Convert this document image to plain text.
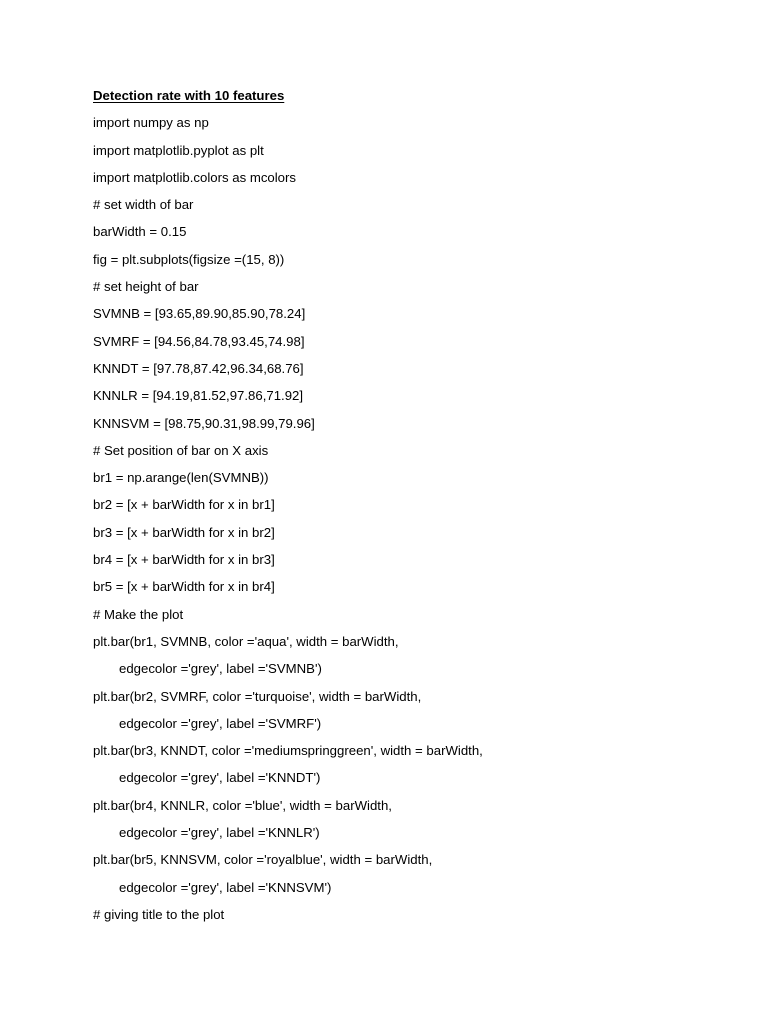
Detection rate with 10 features
import numpy as np
import matplotlib.pyplot as plt
import matplotlib.colors as mcolors
# set width of bar
barWidth = 0.15
fig = plt.subplots(figsize =(15, 8))
# set height of bar
SVMNB = [93.65,89.90,85.90,78.24]
SVMRF = [94.56,84.78,93.45,74.98]
KNNDT = [97.78,87.42,96.34,68.76]
KNNLR = [94.19,81.52,97.86,71.92]
KNNSVM = [98.75,90.31,98.99,79.96]
# Set position of bar on X axis
br1 = np.arange(len(SVMNB))
br2 = [x + barWidth for x in br1]
br3 = [x + barWidth for x in br2]
br4 = [x + barWidth for x in br3]
br5 = [x + barWidth for x in br4]
# Make the plot
plt.bar(br1, SVMNB, color ='aqua', width = barWidth,
edgecolor ='grey', label ='SVMNB')
plt.bar(br2, SVMRF, color ='turquoise', width = barWidth,
edgecolor ='grey', label ='SVMRF')
plt.bar(br3, KNNDT, color ='mediumspringgreen', width = barWidth,
edgecolor ='grey', label ='KNNDT')
plt.bar(br4, KNNLR, color ='blue', width = barWidth,
edgecolor ='grey', label ='KNNLR')
plt.bar(br5, KNNSVM, color ='royalblue', width = barWidth,
edgecolor ='grey', label ='KNNSVM')
# giving title to the plot
